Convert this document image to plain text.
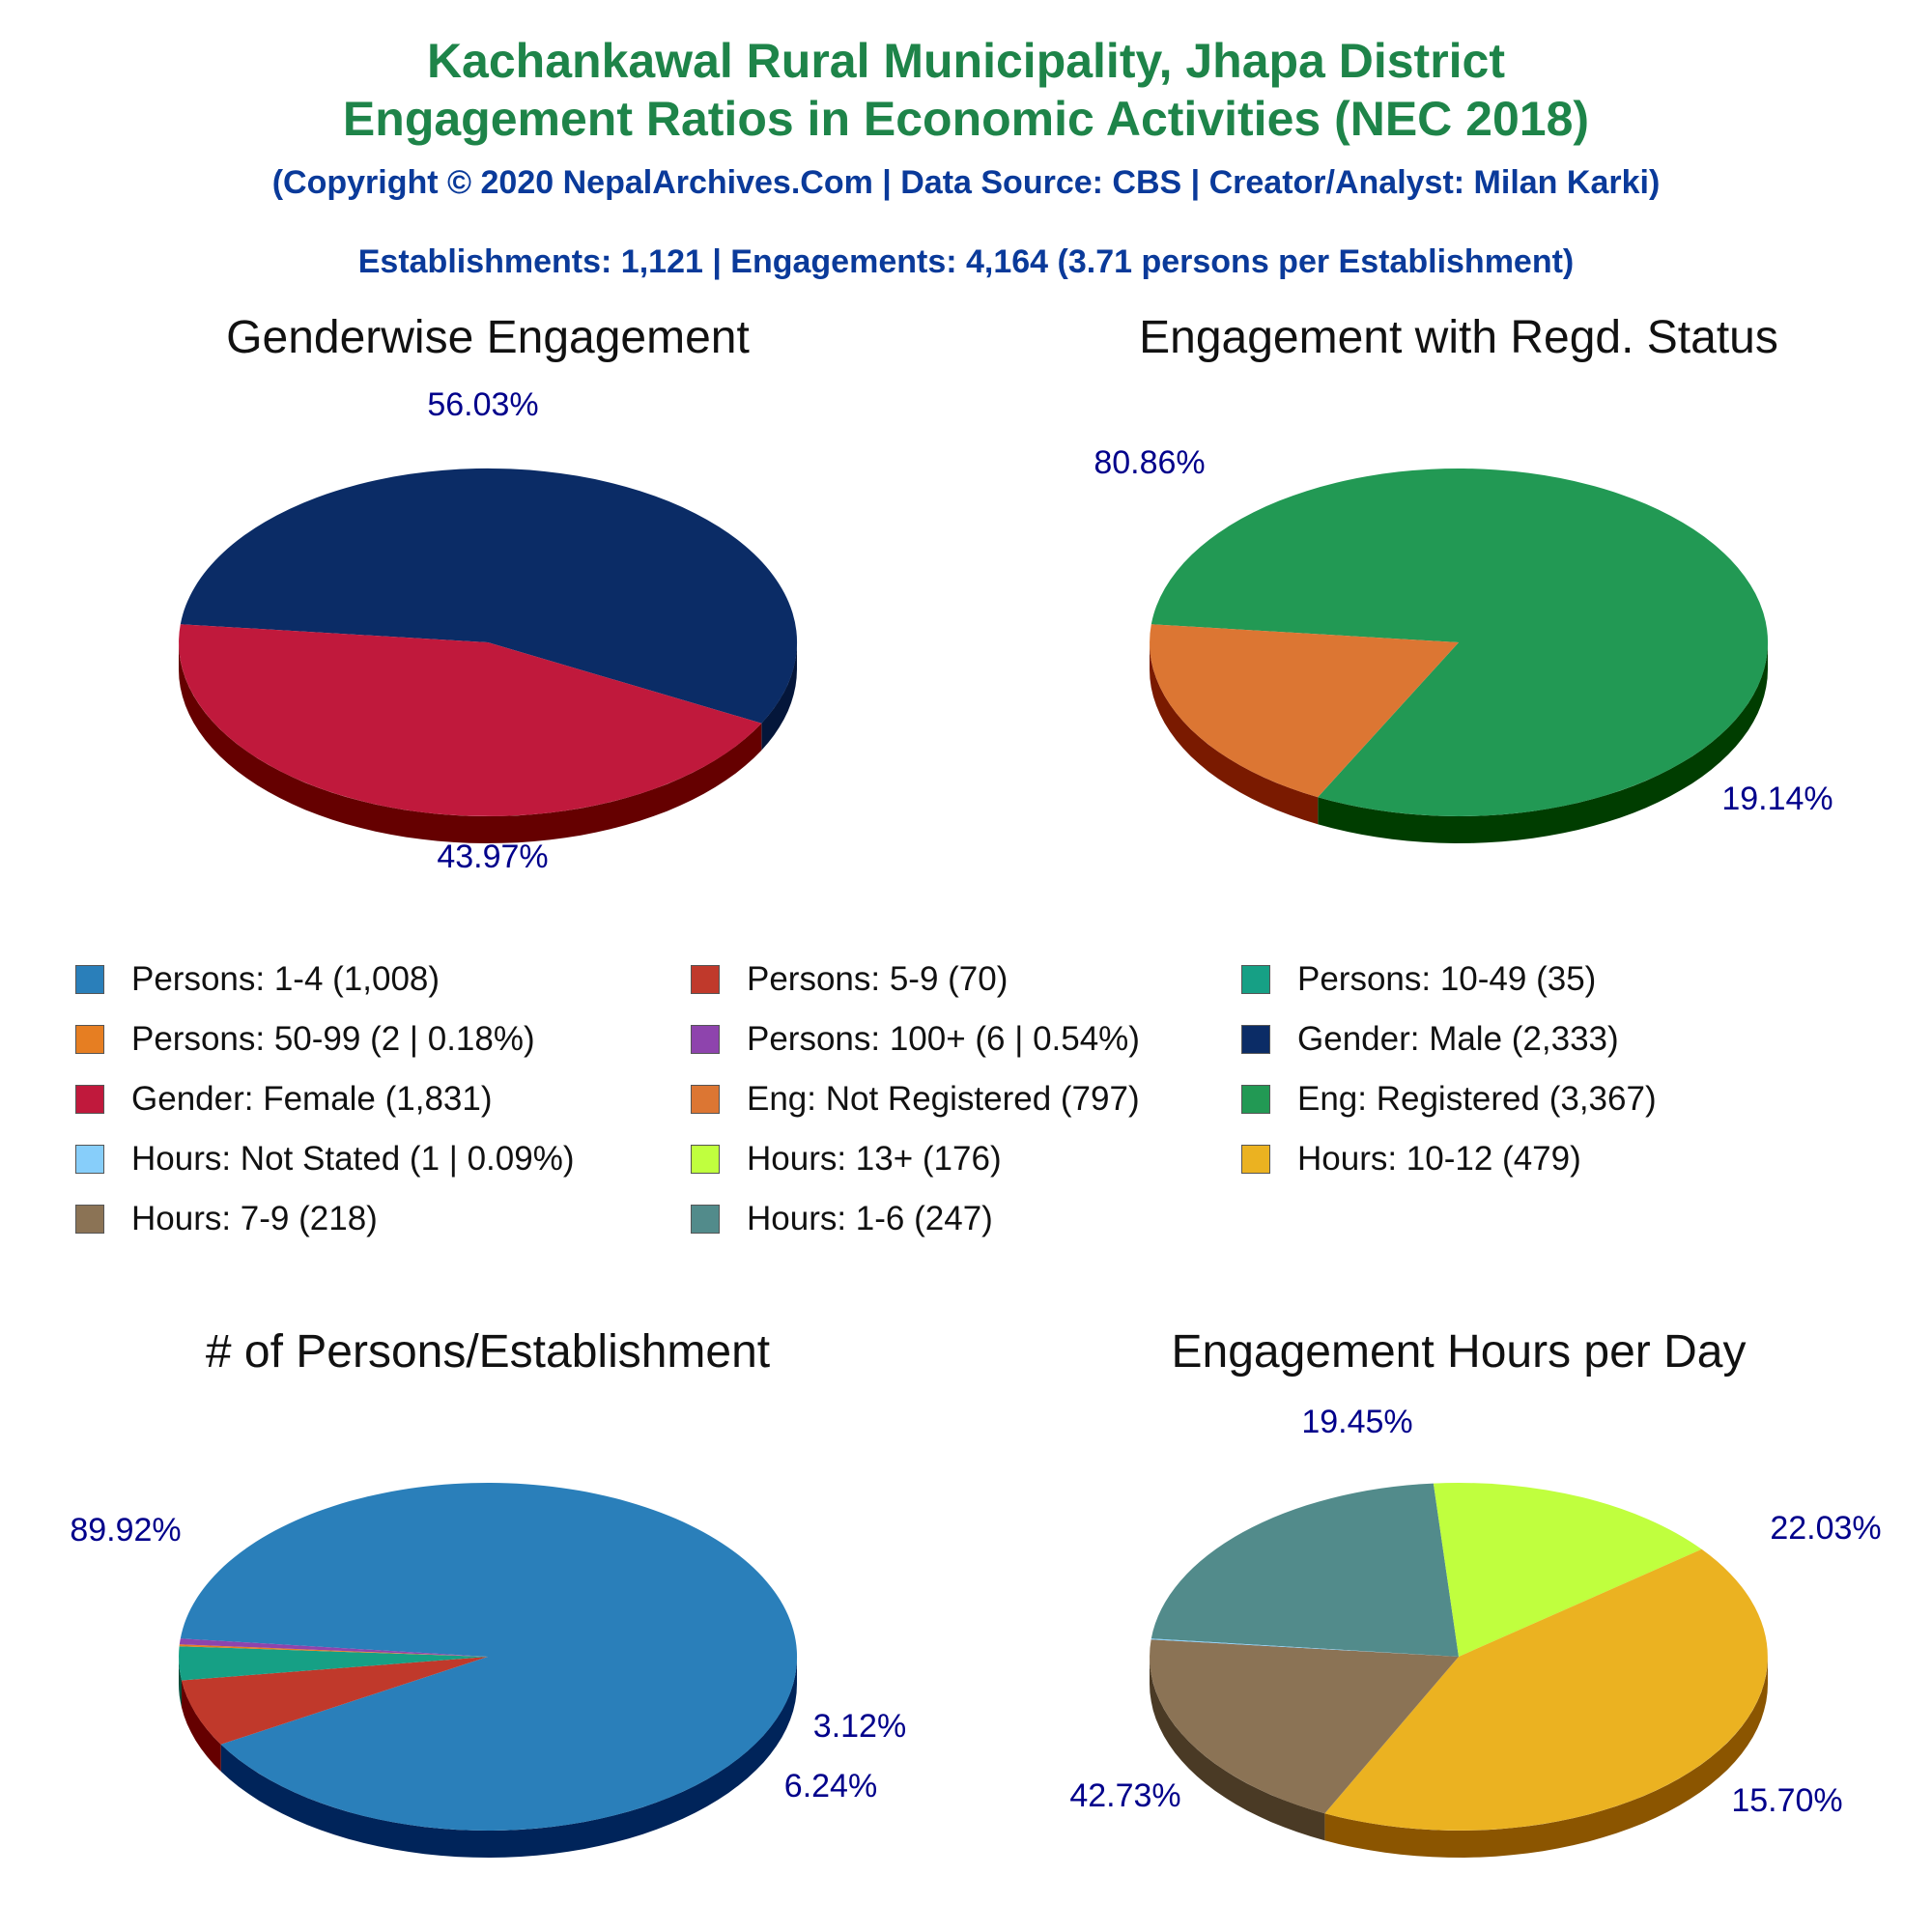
Kachankawal Rural Municipality, Jhapa District
Engagement Ratios in Economic Activities (NEC 2018)
(Copyright © 2020 NepalArchives.Com | Data Source: CBS | Creator/Analyst: Milan Karki)
Establishments: 1,121 | Engagements: 4,164 (3.71 persons per Establishment)
Genderwise Engagement
56.03%
43.97%
Engagement with Regd. Status
80.86%
19.14%
# of Persons/Establishment
89.92%
6.24%
3.12%
Engagement Hours per Day
22.03%
15.70%
42.73%
19.45%
Persons: 1-4 (1,008)	Persons: 5-9 (70)	Persons: 10-49 (35)
Persons: 50-99 (2 | 0.18%)	Persons: 100+ (6 | 0.54%)	Gender: Male (2,333)
Gender: Female (1,831)	Eng: Not Registered (797)	Eng: Registered (3,367)
Hours: Not Stated (1 | 0.09%)	Hours: 13+ (176)	Hours: 10-12 (479)
Hours: 7-9 (218)	Hours: 1-6 (247)
